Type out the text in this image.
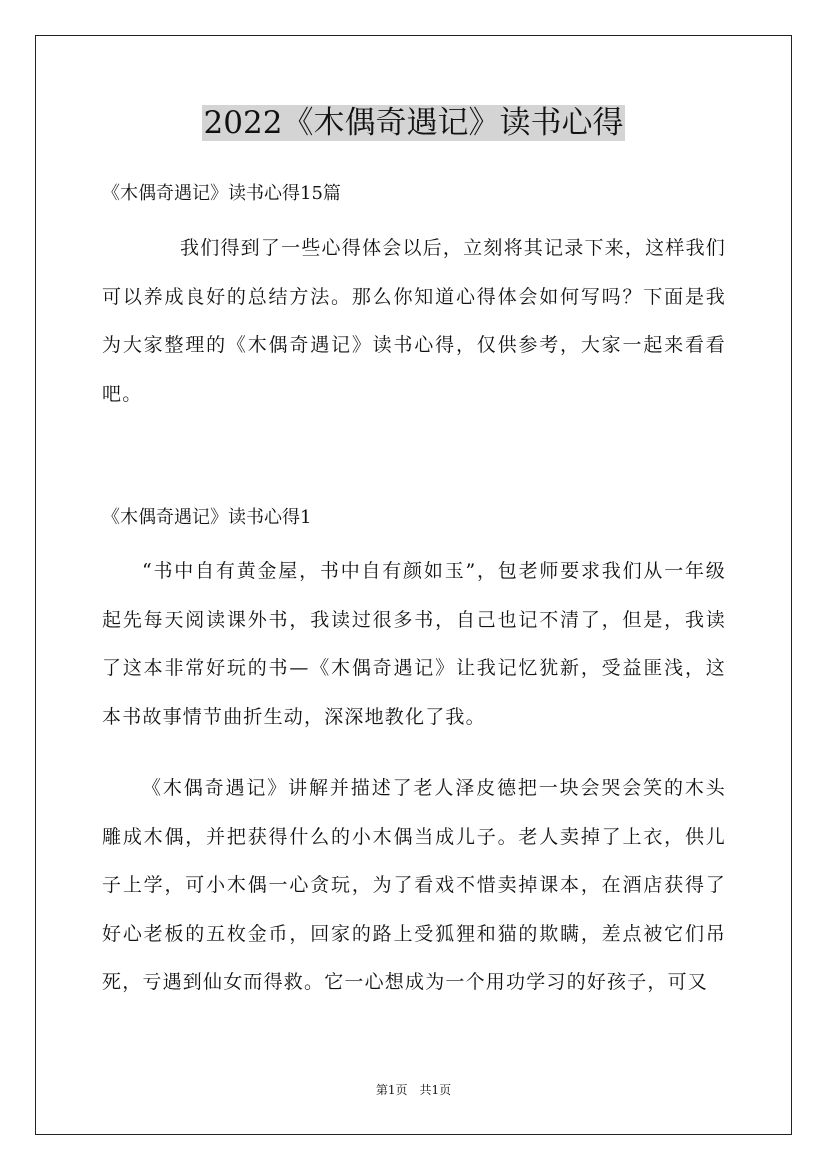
2022《木偶奇遇记》读书心得

《木偶奇遇记》读书心得15篇

我们得到了一些心得体会以后，立刻将其记录下来，这样我们可以养成良好的总结方法。那么你知道心得体会如何写吗？下面是我为大家整理的《木偶奇遇记》读书心得，仅供参考，大家一起来看看吧。

《木偶奇遇记》读书心得1

“书中自有黄金屋，书中自有颜如玉”，包老师要求我们从一年级起先每天阅读课外书，我读过很多书，自己也记不清了，但是，我读了这本非常好玩的书—《木偶奇遇记》让我记忆犹新，受益匪浅，这本书故事情节曲折生动，深深地教化了我。

《木偶奇遇记》讲解并描述了老人泽皮德把一块会哭会笑的木头雕成木偶，并把获得什么的小木偶当成儿子。老人卖掉了上衣，供儿子上学，可小木偶一心贪玩，为了看戏不惜卖掉课本，在酒店获得了好心老板的五枚金币，回家的路上受狐狸和猫的欺瞒，差点被它们吊死，亏遇到仙女而得救。它一心想成为一个用功学习的好孩子，可又

第1页 共1页
